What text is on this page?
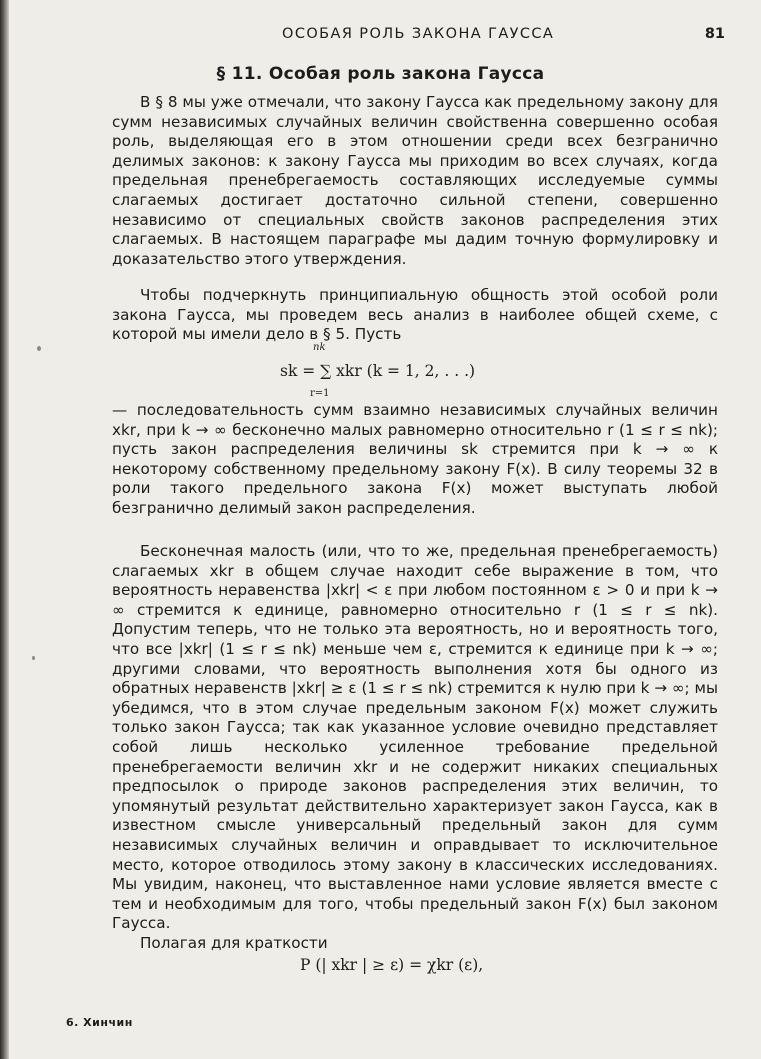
ОСОБАЯ РОЛЬ ЗАКОНА ГАУССА	81
§ 11. Особая роль закона Гаусса

В § 8 мы уже отмечали, что закону Гаусса как предельному закону для сумм независимых случайных величин свойственна совершенно особая роль, выделяющая его в этом отношении среди всех безгранично делимых законов: к закону Гаусса мы приходим во всех случаях, когда предельная пренебрегаемость составляющих исследуемые суммы слагаемых достигает достаточно сильной степени, совершенно независимо от специальных свойств законов распределения этих слагаемых. В настоящем параграфе мы дадим точную формулировку и доказательство этого утверждения.

Чтобы подчеркнуть принципиальную общность этой особой роли закона Гаусса, мы проведем весь анализ в наиболее общей схеме, с которой мы имели дело в § 5. Пусть

nk
sk = ∑ xkr (k = 1, 2, . . .)
r=1

— последовательность сумм взаимно независимых случайных величин xkr, при k → ∞ бесконечно малых равномерно относительно r (1 ≤ r ≤ nk); пусть закон распределения величины sk стремится при k → ∞ к некоторому собственному предельному закону F(x). В силу теоремы 32 в роли такого предельного закона F(x) может выступать любой безгранично делимый закон распределения.

Бесконечная малость (или, что то же, предельная пренебрегаемость) слагаемых xkr в общем случае находит себе выражение в том, что вероятность неравенства |xkr| < ε при любом постоянном ε > 0 и при k → ∞ стремится к единице, равномерно относительно r (1 ≤ r ≤ nk). Допустим теперь, что не только эта вероятность, но и вероятность того, что все |xkr| (1 ≤ r ≤ nk) меньше чем ε, стремится к единице при k → ∞; другими словами, что вероятность выполнения хотя бы одного из обратных неравенств |xkr| ≥ ε (1 ≤ r ≤ nk) стремится к нулю при k → ∞; мы убедимся, что в этом случае предельным законом F(x) может служить только закон Гаусса; так как указанное условие очевидно представляет собой лишь несколько усиленное требование предельной пренебрегаемости величин xkr и не содержит никаких специальных предпосылок о природе законов распределения этих величин, то упомянутый результат действительно характеризует закон Гаусса, как в известном смысле универсальный предельный закон для сумм независимых случайных величин и оправдывает то исключительное место, которое отводилось этому закону в классических исследованиях. Мы увидим, наконец, что выставленное нами условие является вместе с тем и необходимым для того, чтобы предельный закон F(x) был законом Гаусса.

Полагая для краткости

P (| xkr | ≥ ε) = χkr (ε),
6. Хинчин
